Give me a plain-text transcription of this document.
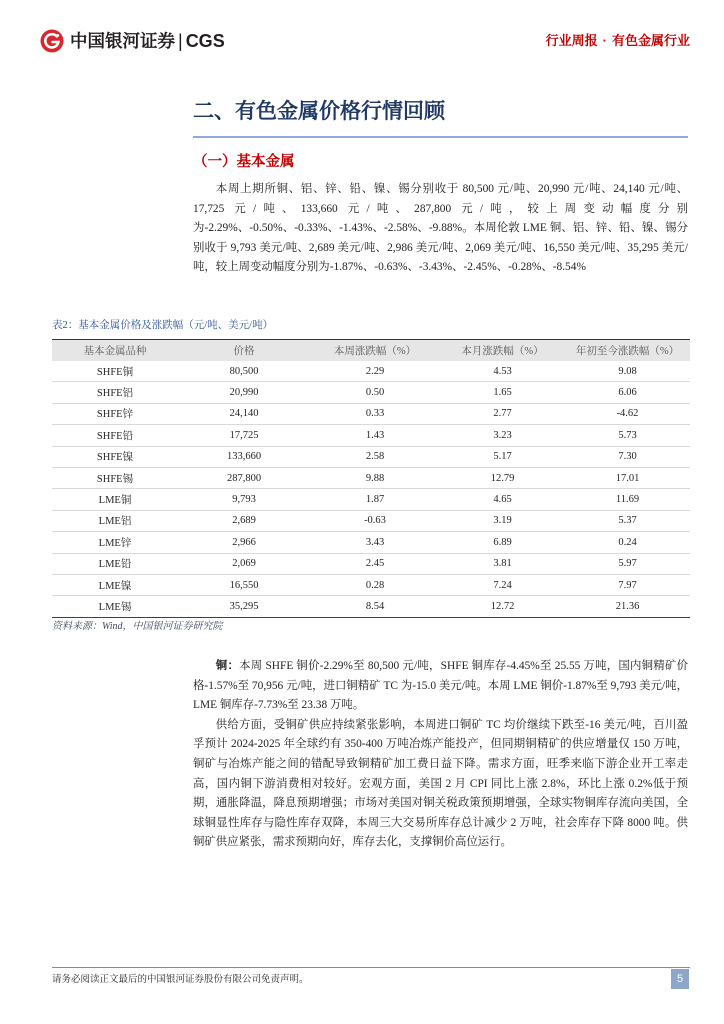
中国银河证券 | CGS	行业周报 · 有色金属行业
二、有色金属价格行情回顾
（一）基本金属

本周上期所铜、铝、锌、铅、镍、锡分别收于 80,500 元/吨、20,990 元/吨、24,140 元/吨、17,725 元/吨、133,660 元/吨、287,800 元/吨，较上周变动幅度分别为-2.29%、-0.50%、-0.33%、-1.43%、-2.58%、-9.88%。本周伦敦 LME 铜、铝、锌、铅、镍、锡分别收于 9,793 美元/吨、2,689 美元/吨、2,986 美元/吨、2,069 美元/吨、16,550 美元/吨、35,295 美元/吨，较上周变动幅度分别为-1.87%、-0.63%、-3.43%、-2.45%、-0.28%、-8.54%

表2：基本金属价格及涨跌幅（元/吨、美元/吨）
基本金属品种	价格	本周涨跌幅（%）	本月涨跌幅（%）	年初至今涨跌幅（%）
SHFE铜	80,500	2.29	4.53	9.08
SHFE铝	20,990	0.50	1.65	6.06
SHFE锌	24,140	0.33	2.77	-4.62
SHFE铅	17,725	1.43	3.23	5.73
SHFE镍	133,660	2.58	5.17	7.30
SHFE锡	287,800	9.88	12.79	17.01
LME铜	9,793	1.87	4.65	11.69
LME铝	2,689	-0.63	3.19	5.37
LME锌	2,966	3.43	6.89	0.24
LME铅	2,069	2.45	3.81	5.97
LME镍	16,550	0.28	7.24	7.97
LME锡	35,295	8.54	12.72	21.36
资料来源：Wind，中国银河证券研究院

铜：本周 SHFE 铜价-2.29%至 80,500 元/吨，SHFE 铜库存-4.45%至 25.55 万吨，国内铜精矿价格-1.57%至 70,956 元/吨，进口铜精矿 TC 为-15.0 美元/吨。本周 LME 铜价-1.87%至 9,793 美元/吨，LME 铜库存-7.73%至 23.38 万吨。

供给方面，受铜矿供应持续紧张影响，本周进口铜矿 TC 均价继续下跌至-16 美元/吨，百川盈孚预计 2024-2025 年全球约有 350-400 万吨冶炼产能投产，但同期铜精矿的供应增量仅 150 万吨，铜矿与冶炼产能之间的错配导致铜精矿加工费日益下降。需求方面，旺季来临下游企业开工率走高，国内铜下游消费相对较好。宏观方面，美国 2 月 CPI 同比上涨 2.8%，环比上涨 0.2%低于预期，通胀降温，降息预期增强；市场对美国对铜关税政策预期增强，全球实物铜库存流向美国，全球铜显性库存与隐性库存双降，本周三大交易所库存总计减少 2 万吨，社会库存下降 8000 吨。供铜矿供应紧张，需求预期向好，库存去化，支撑铜价高位运行。

请务必阅读正文最后的中国银河证券股份有限公司免责声明。	5
